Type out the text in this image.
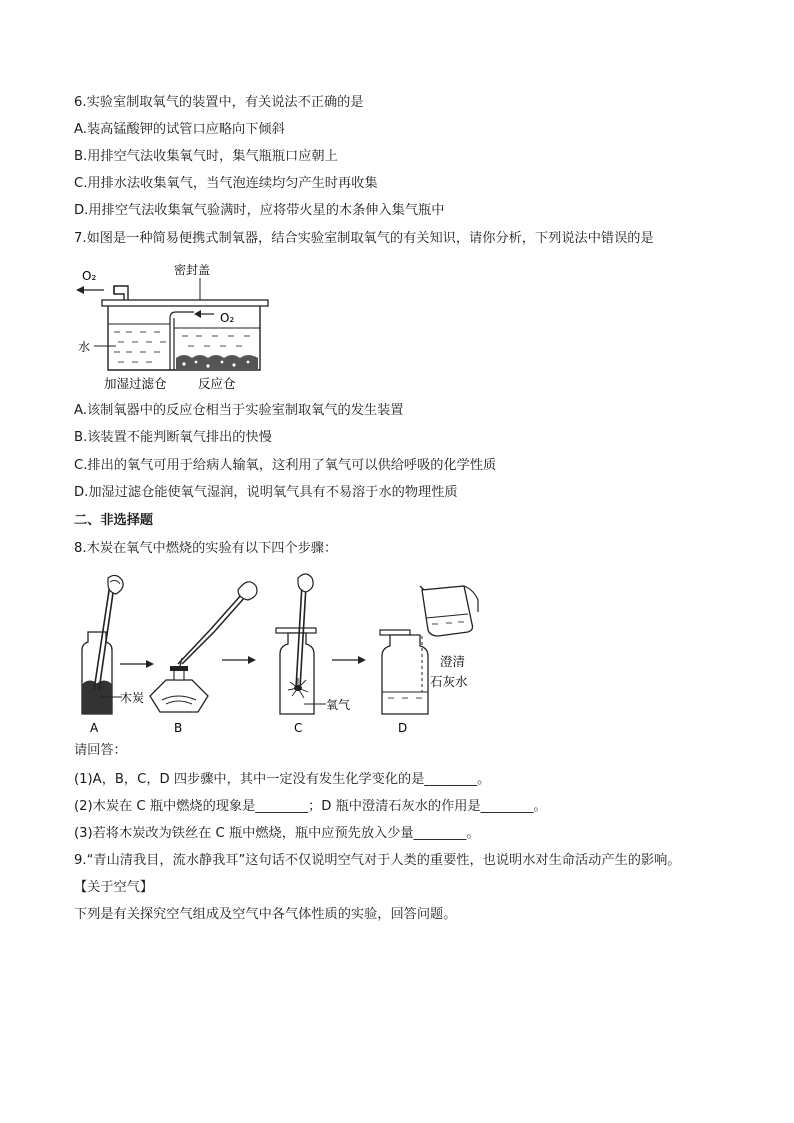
6.实验室制取氧气的装置中，有关说法不正确的是
A.装高锰酸钾的试管口应略向下倾斜
B.用排空气法收集氧气时，集气瓶瓶口应朝上
C.用排水法收集氧气，当气泡连续均匀产生时再收集
D.用排空气法收集氧气验满时，应将带火星的木条伸入集气瓶中
7.如图是一种简易便携式制氧器，结合实验室制取氧气的有关知识，请你分析，下列说法中错误的是
O₂	密封盖
O₂
水
加湿过滤仓	反应仓
A.该制氧器中的反应仓相当于实验室制取氧气的发生装置
B.该装置不能判断氧气排出的快慢
C.排出的氧气可用于给病人输氧，这利用了氧气可以供给呼吸的化学性质
D.加湿过滤仓能使氧气湿润，说明氧气具有不易溶于水的物理性质
二、非选择题
8.木炭在氧气中燃烧的实验有以下四个步骤：
木炭
A	B
氧气
C
澄清
石灰水
D
请回答：
(1)A，B，C，D 四步骤中，其中一定没有发生化学变化的是________。
(2)木炭在 C 瓶中燃烧的现象是________；D 瓶中澄清石灰水的作用是________。
(3)若将木炭改为铁丝在 C 瓶中燃烧，瓶中应预先放入少量________。
9.“青山清我目，流水静我耳”这句话不仅说明空气对于人类的重要性，也说明水对生命活动产生的影响。
【关于空气】
下列是有关探究空气组成及空气中各气体性质的实验，回答问题。
